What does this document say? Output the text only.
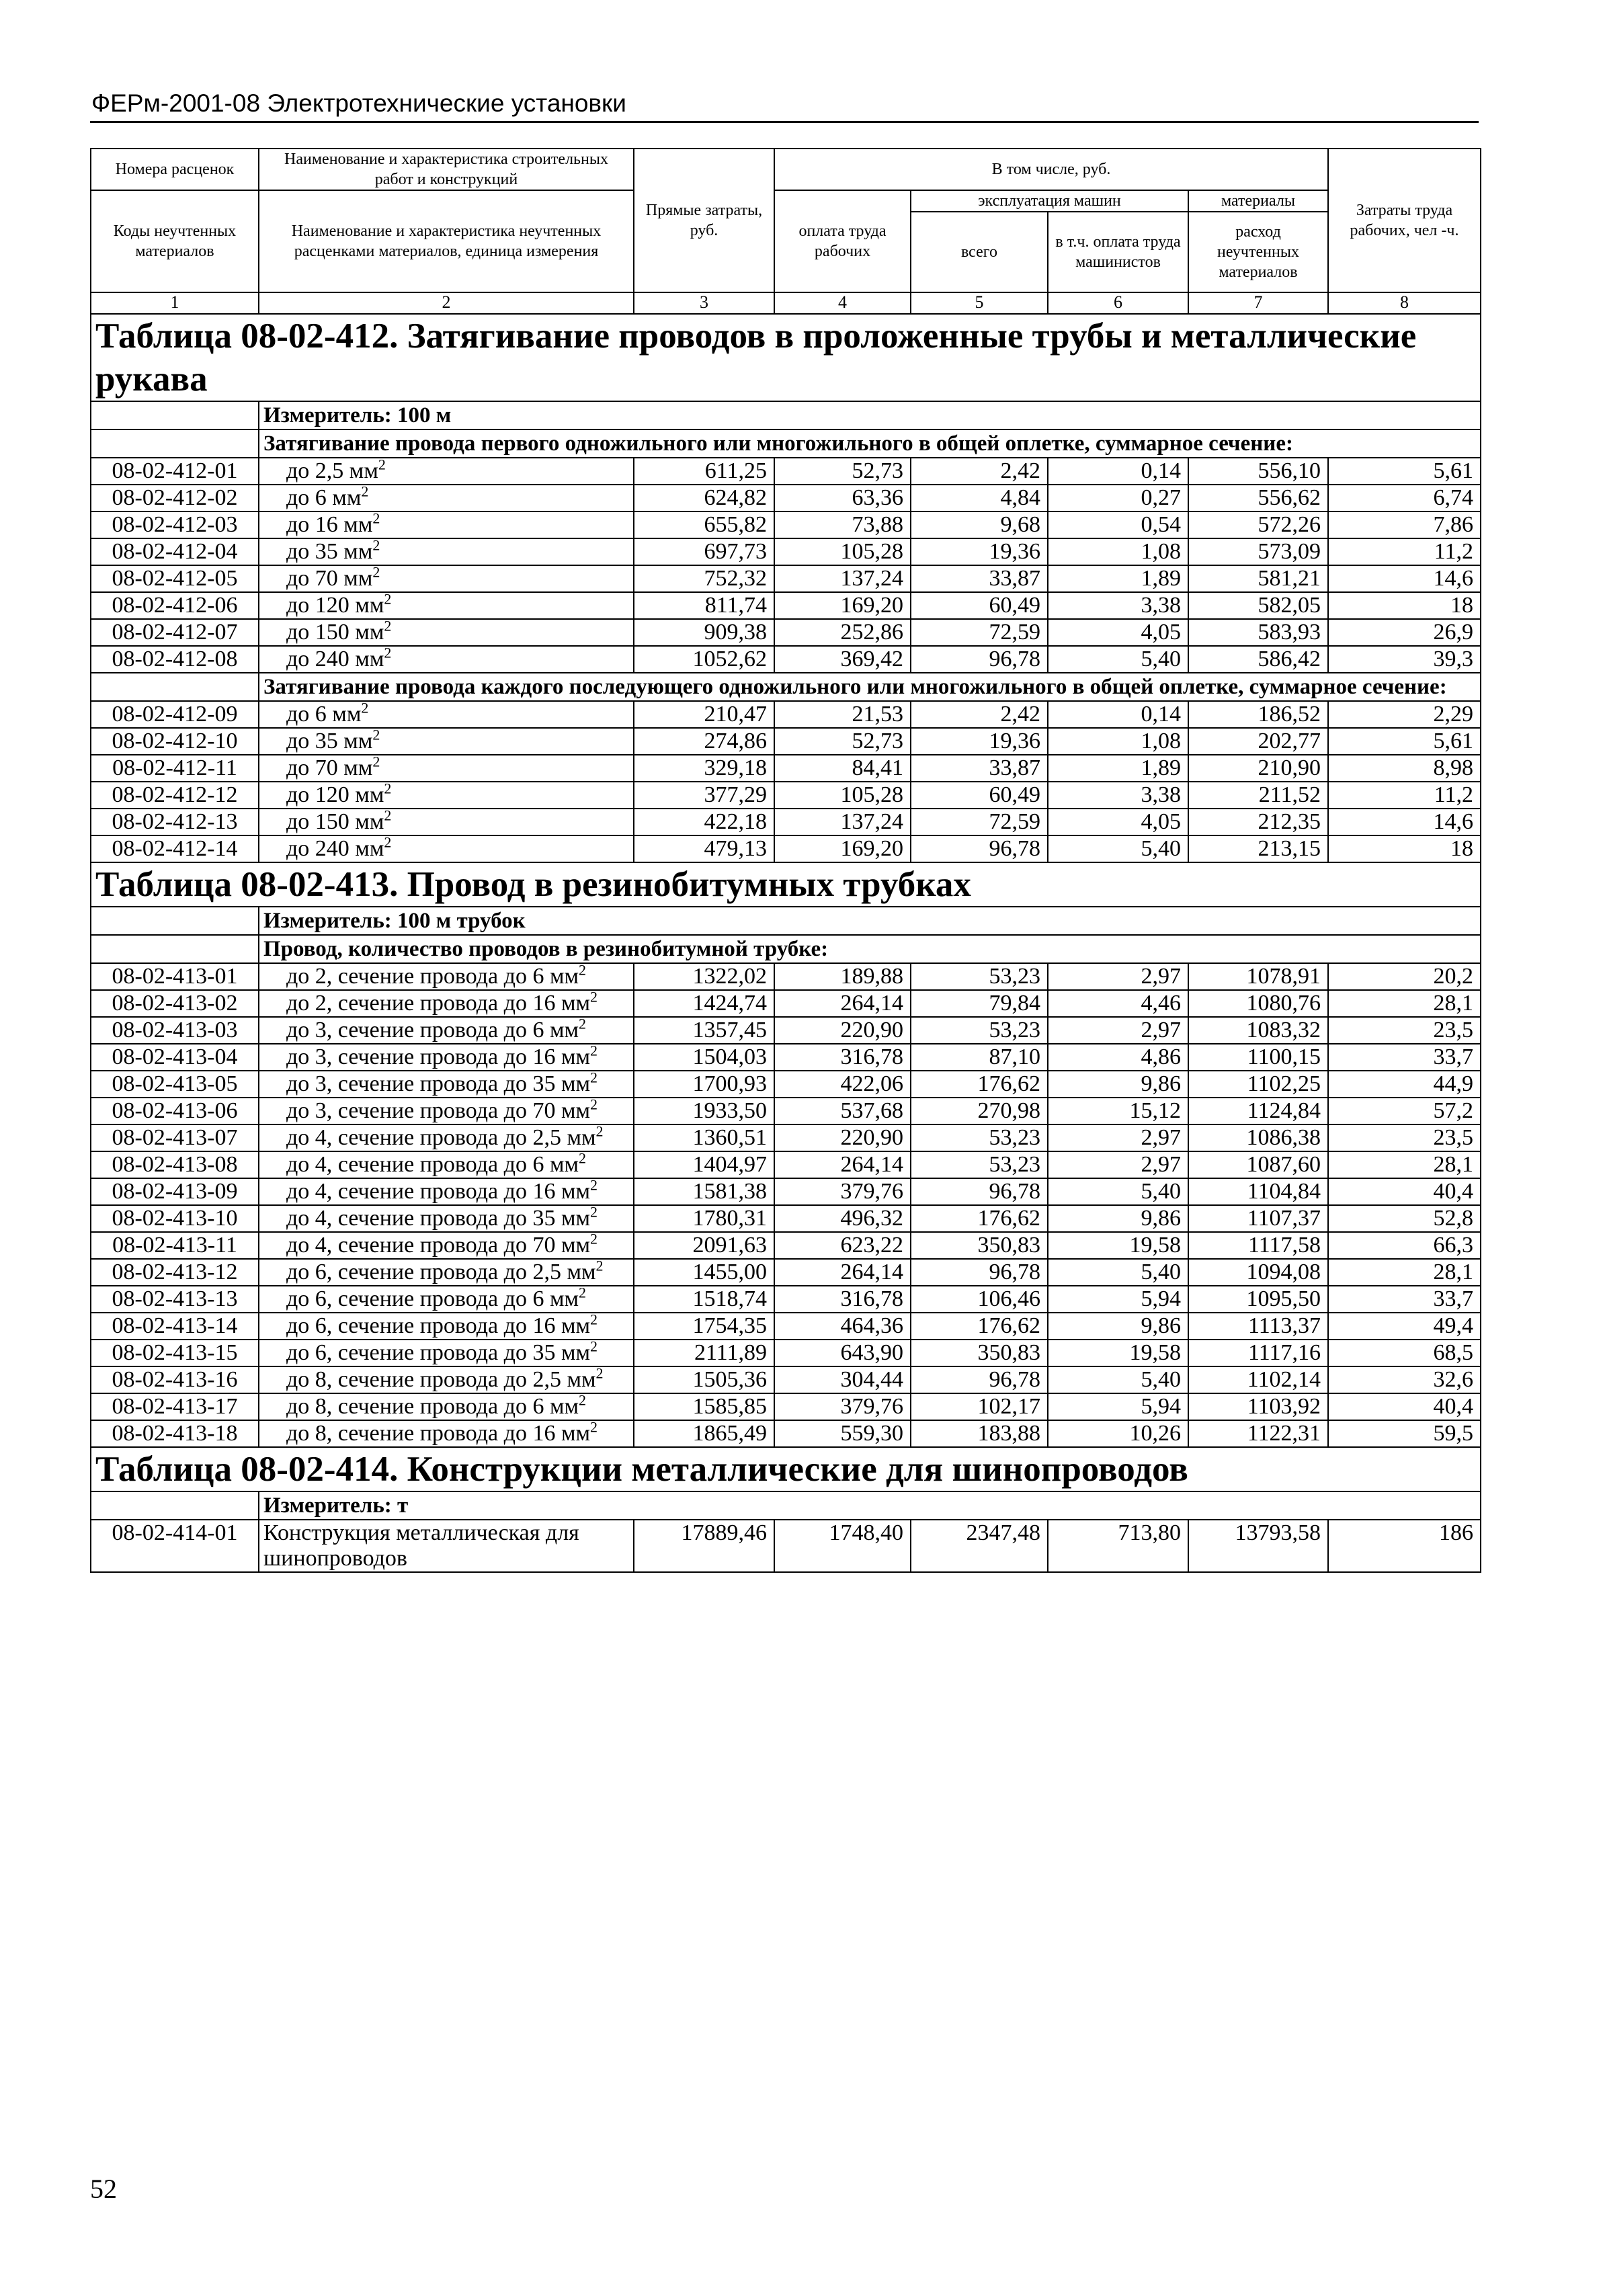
ФЕРм-2001-08 Электротехнические установки
Номера расценок	Наименование и характеристика строительных работ и конструкций	Прямые затраты, руб.	В том числе, руб.				Затраты труда рабочих, чел -ч.
Коды неучтенных материалов	Наименование и характеристика неучтенных расценками материалов, единица измерения		оплата труда рабочих	эксплуатация машин		материалы	
				всего	в т.ч. оплата труда машинистов	расход неучтенных материалов	
1	2	3	4	5	6	7	8
Таблица 08-02-412. Затягивание проводов в проложенные трубы и металлические рукава							
	Измеритель: 100 м						
	Затягивание провода первого одножильного или многожильного в общей оплетке, суммарное сечение:						
08-02-412-01	до 2,5 $мм^2$	611,25	52,73	2,42	0,14	556,10	5,61
08-02-412-02	до 6 $мм^2$	624,82	63,36	4,84	0,27	556,62	6,74
08-02-412-03	до 16 $мм^2$	655,82	73,88	9,68	0,54	572,26	7,86
08-02-412-04	до 35 $мм^2$	697,73	105,28	19,36	1,08	573,09	11,2
08-02-412-05	до 70 $мм^2$	752,32	137,24	33,87	1,89	581,21	14,6
08-02-412-06	до 120 $мм^2$	811,74	169,20	60,49	3,38	582,05	18
08-02-412-07	до 150 $мм^2$	909,38	252,86	72,59	4,05	583,93	26,9
08-02-412-08	до 240 $мм^2$	1052,62	369,42	96,78	5,40	586,42	39,3
	Затягивание провода каждого последующего одножильного или многожильного в общей оплетке, суммарное сечение:						
08-02-412-09	до 6 $мм^2$	210,47	21,53	2,42	0,14	186,52	2,29
08-02-412-10	до 35 $мм^2$	274,86	52,73	19,36	1,08	202,77	5,61
08-02-412-11	до 70 $мм^2$	329,18	84,41	33,87	1,89	210,90	8,98
08-02-412-12	до 120 $мм^2$	377,29	105,28	60,49	3,38	211,52	11,2
08-02-412-13	до 150 $мм^2$	422,18	137,24	72,59	4,05	212,35	14,6
08-02-412-14	до 240 $мм^2$	479,13	169,20	96,78	5,40	213,15	18
Таблица 08-02-413. Провод в резинобитумных трубках							
	Измеритель: 100 м трубок						
	Провод, количество проводов в резинобитумной трубке:						
08-02-413-01	до 2, сечение провода до 6 $мм^2$	1322,02	189,88	53,23	2,97	1078,91	20,2
08-02-413-02	до 2, сечение провода до 16 $мм^2$	1424,74	264,14	79,84	4,46	1080,76	28,1
08-02-413-03	до 3, сечение провода до 6 $мм^2$	1357,45	220,90	53,23	2,97	1083,32	23,5
08-02-413-04	до 3, сечение провода до 16 $мм^2$	1504,03	316,78	87,10	4,86	1100,15	33,7
08-02-413-05	до 3, сечение провода до 35 $мм^2$	1700,93	422,06	176,62	9,86	1102,25	44,9
08-02-413-06	до 3, сечение провода до 70 $мм^2$	1933,50	537,68	270,98	15,12	1124,84	57,2
08-02-413-07	до 4, сечение провода до 2,5 $мм^2$	1360,51	220,90	53,23	2,97	1086,38	23,5
08-02-413-08	до 4, сечение провода до 6 $мм^2$	1404,97	264,14	53,23	2,97	1087,60	28,1
08-02-413-09	до 4, сечение провода до 16 $мм^2$	1581,38	379,76	96,78	5,40	1104,84	40,4
08-02-413-10	до 4, сечение провода до 35 $мм^2$	1780,31	496,32	176,62	9,86	1107,37	52,8
08-02-413-11	до 4, сечение провода до 70 $мм^2$	2091,63	623,22	350,83	19,58	1117,58	66,3
08-02-413-12	до 6, сечение провода до 2,5 $мм^2$	1455,00	264,14	96,78	5,40	1094,08	28,1
08-02-413-13	до 6, сечение провода до 6 $мм^2$	1518,74	316,78	106,46	5,94	1095,50	33,7
08-02-413-14	до 6, сечение провода до 16 $мм^2$	1754,35	464,36	176,62	9,86	1113,37	49,4
08-02-413-15	до 6, сечение провода до 35 $мм^2$	2111,89	643,90	350,83	19,58	1117,16	68,5
08-02-413-16	до 8, сечение провода до 2,5 $мм^2$	1505,36	304,44	96,78	5,40	1102,14	32,6
08-02-413-17	до 8, сечение провода до 6 $мм^2$	1585,85	379,76	102,17	5,94	1103,92	40,4
08-02-413-18	до 8, сечение провода до 16 $мм^2$	1865,49	559,30	183,88	10,26	1122,31	59,5
Таблица 08-02-414. Конструкции металлические для шинопроводов							
	Измеритель: т						
08-02-414-01	Конструкция металлическая для шинопроводов	17889,46	1748,40	2347,48	713,80	13793,58	186
52
